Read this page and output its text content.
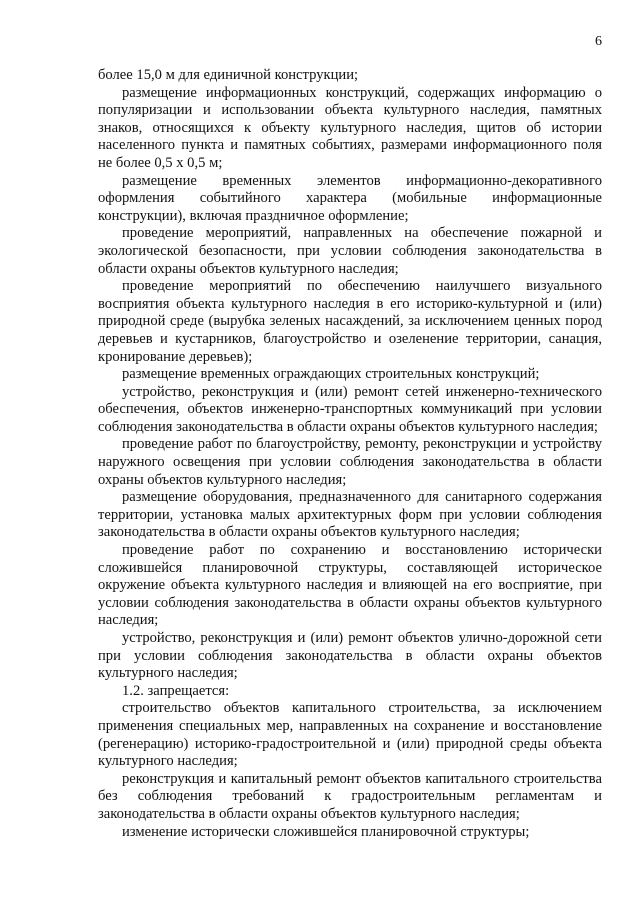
6

более 15,0 м для единичной конструкции;

размещение информационных конструкций, содержащих информацию о популяризации и использовании объекта культурного наследия, памятных знаков, относящихся к объекту культурного наследия, щитов об истории населенного пункта и памятных событиях, размерами информационного поля не более 0,5 х 0,5 м;

размещение временных элементов информационно-декоративного оформления событийного характера (мобильные информационные конструкции), включая праздничное оформление;

проведение мероприятий, направленных на обеспечение пожарной и экологической безопасности, при условии соблюдения законодательства в области охраны объектов культурного наследия;

проведение мероприятий по обеспечению наилучшего визуального восприятия объекта культурного наследия в его историко-культурной и (или) природной среде (вырубка зеленых насаждений, за исключением ценных пород деревьев и кустарников, благоустройство и озеленение территории, санация, кронирование деревьев);

размещение временных ограждающих строительных конструкций;

устройство, реконструкция и (или) ремонт сетей инженерно-технического обеспечения, объектов инженерно-транспортных коммуникаций при условии соблюдения законодательства в области охраны объектов культурного наследия;

проведение работ по благоустройству, ремонту, реконструкции и устройству наружного освещения при условии соблюдения законодательства в области охраны объектов культурного наследия;

размещение оборудования, предназначенного для санитарного содержания территории, установка малых архитектурных форм при условии соблюдения законодательства в области охраны объектов культурного наследия;

проведение работ по сохранению и восстановлению исторически сложившейся планировочной структуры, составляющей историческое окружение объекта культурного наследия и влияющей на его восприятие, при условии соблюдения законодательства в области охраны объектов культурного наследия;

устройство, реконструкция и (или) ремонт объектов улично-дорожной сети при условии соблюдения законодательства в области охраны объектов культурного наследия;

1.2. запрещается:

строительство объектов капитального строительства, за исключением применения специальных мер, направленных на сохранение и восстановление (регенерацию) историко-градостроительной и (или) природной среды объекта культурного наследия;

реконструкция и капитальный ремонт объектов капитального строительства без соблюдения требований к градостроительным регламентам и законодательства в области охраны объектов культурного наследия;

изменение исторически сложившейся планировочной структуры;
